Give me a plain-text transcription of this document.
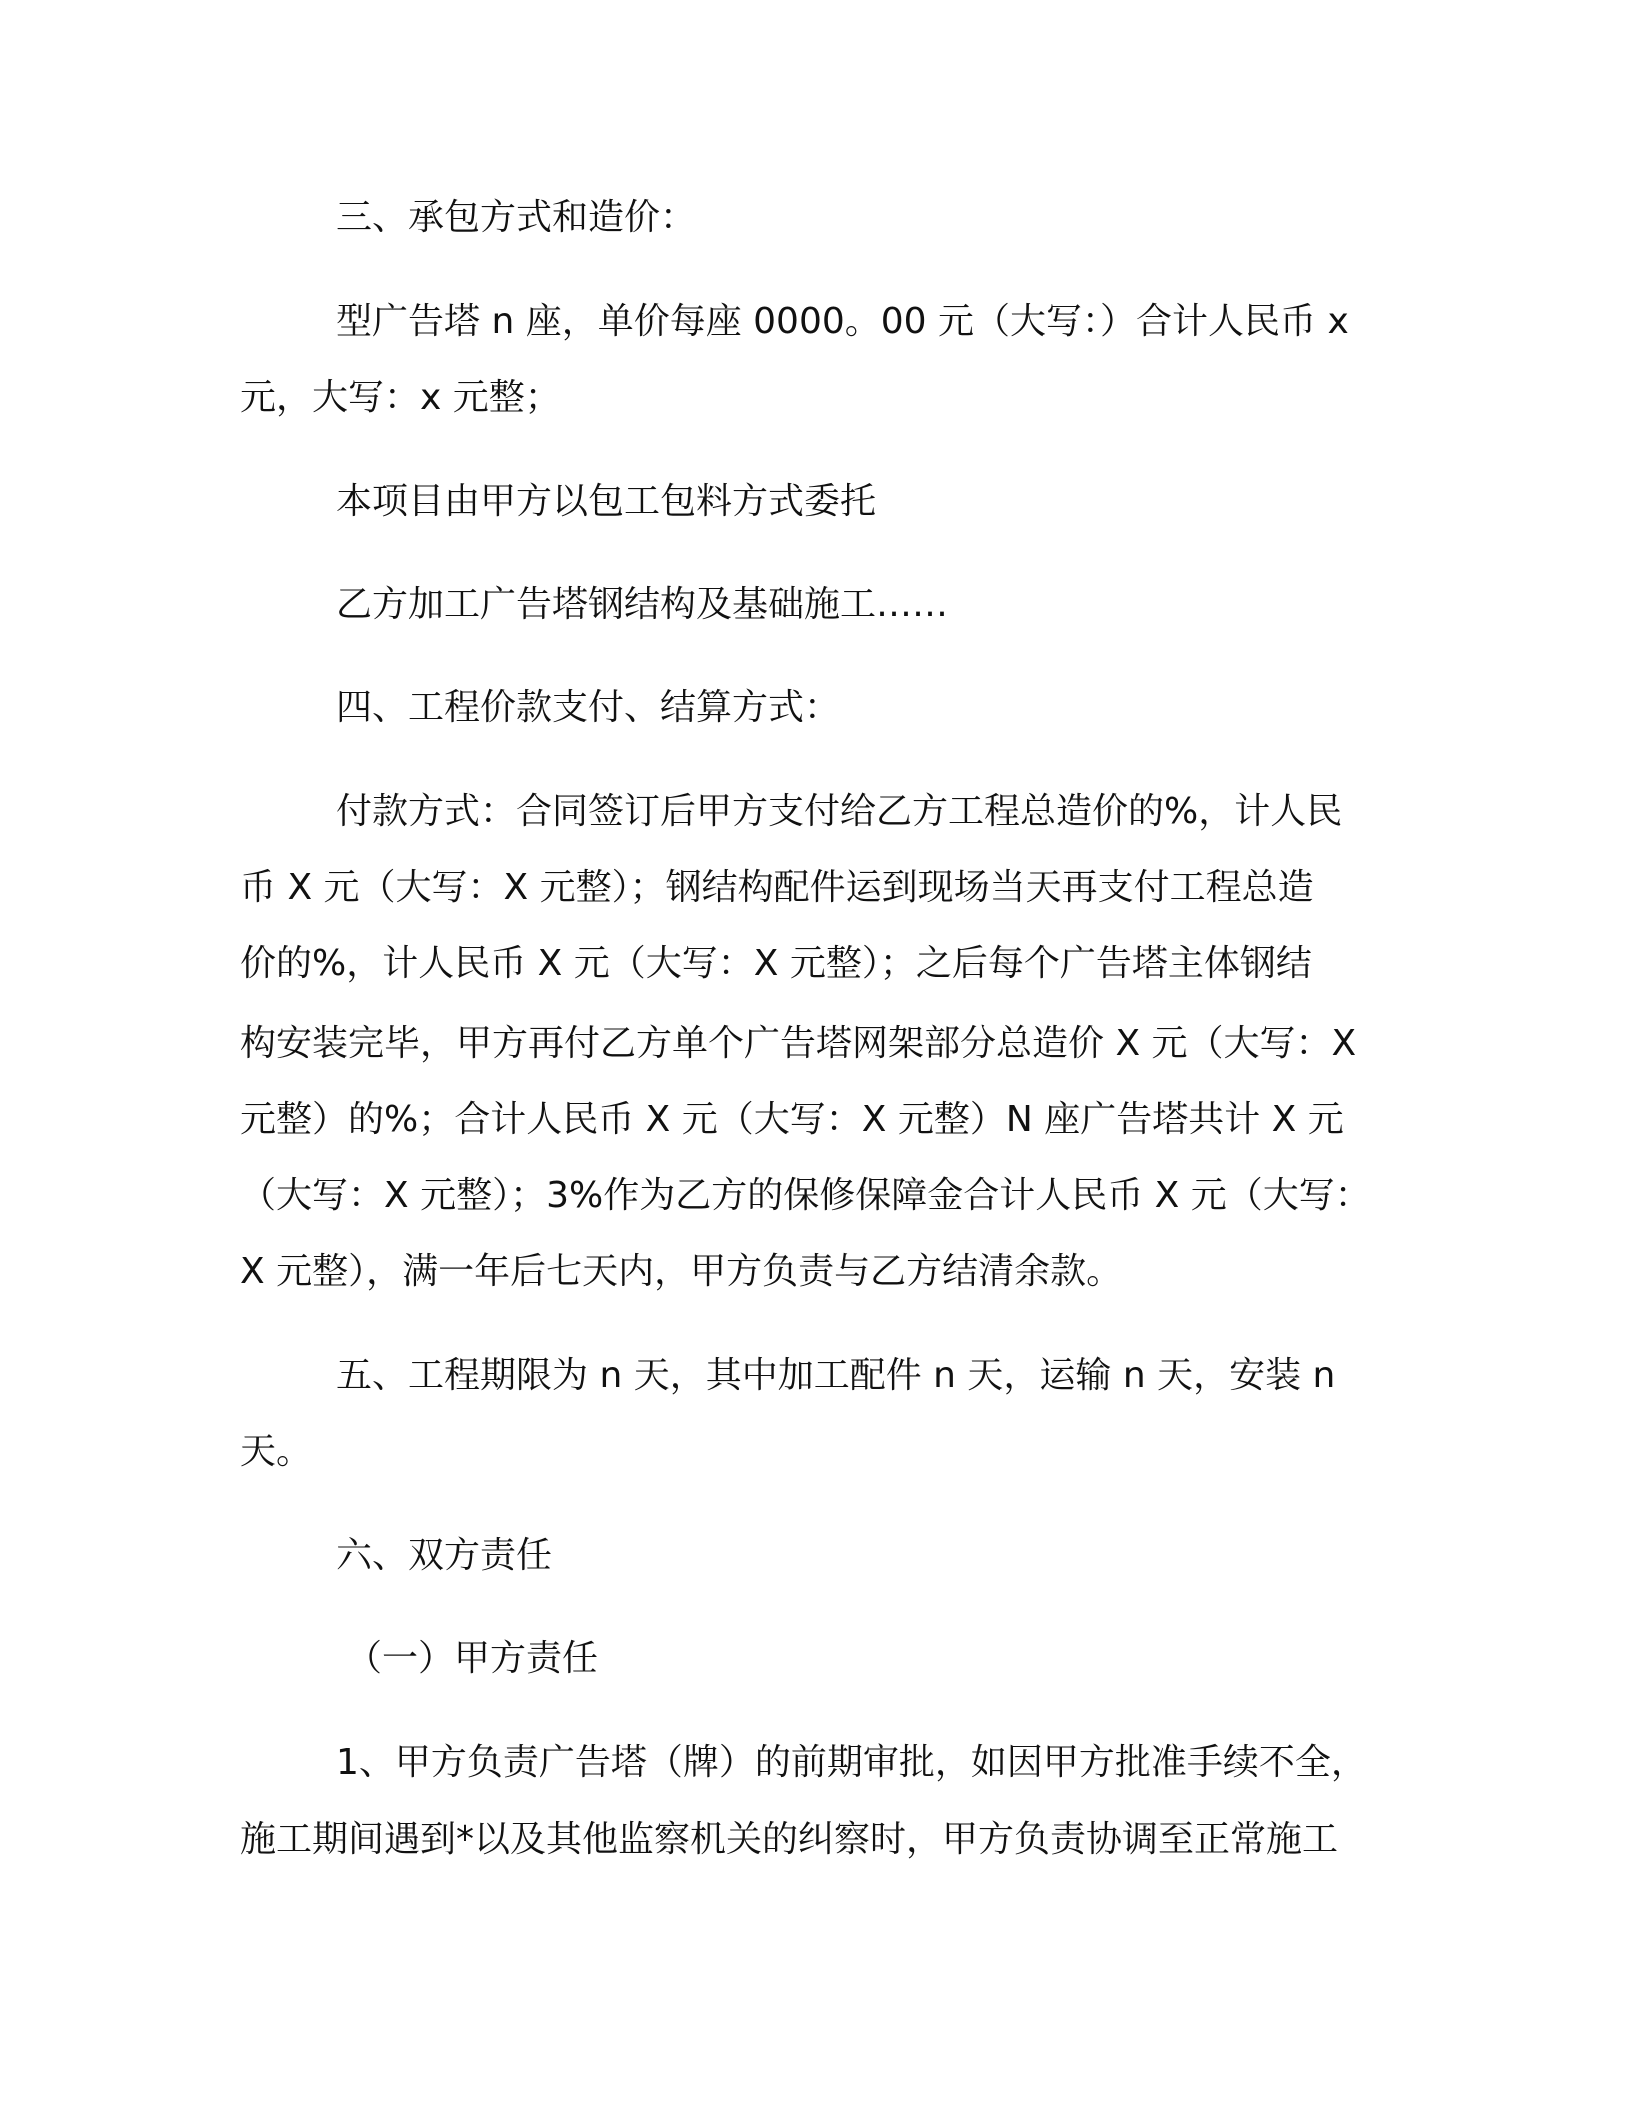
三、承包方式和造价：
型广告塔 n 座，单价每座 0000。00 元（大写：）合计人民币 x
元，大写：x 元整；
本项目由甲方以包工包料方式委托
乙方加工广告塔钢结构及基础施工……
四、工程价款支付、结算方式：
付款方式：合同签订后甲方支付给乙方工程总造价的%，计人民
币 X 元（大写：X 元整）；钢结构配件运到现场当天再支付工程总造
价的%，计人民币 X 元（大写：X 元整）；之后每个广告塔主体钢结
构安装完毕，甲方再付乙方单个广告塔网架部分总造价 X 元（大写：X
元整）的%；合计人民币 X 元（大写：X 元整）N 座广告塔共计 X 元
（大写：X 元整）；3%作为乙方的保修保障金合计人民币 X 元（大写：
X 元整），满一年后七天内，甲方负责与乙方结清余款。
五、工程期限为 n 天，其中加工配件 n 天，运输 n 天，安装 n
天。
六、双方责任
（一）甲方责任
1、甲方负责广告塔（牌）的前期审批，如因甲方批准手续不全，
施工期间遇到*以及其他监察机关的纠察时，甲方负责协调至正常施工
